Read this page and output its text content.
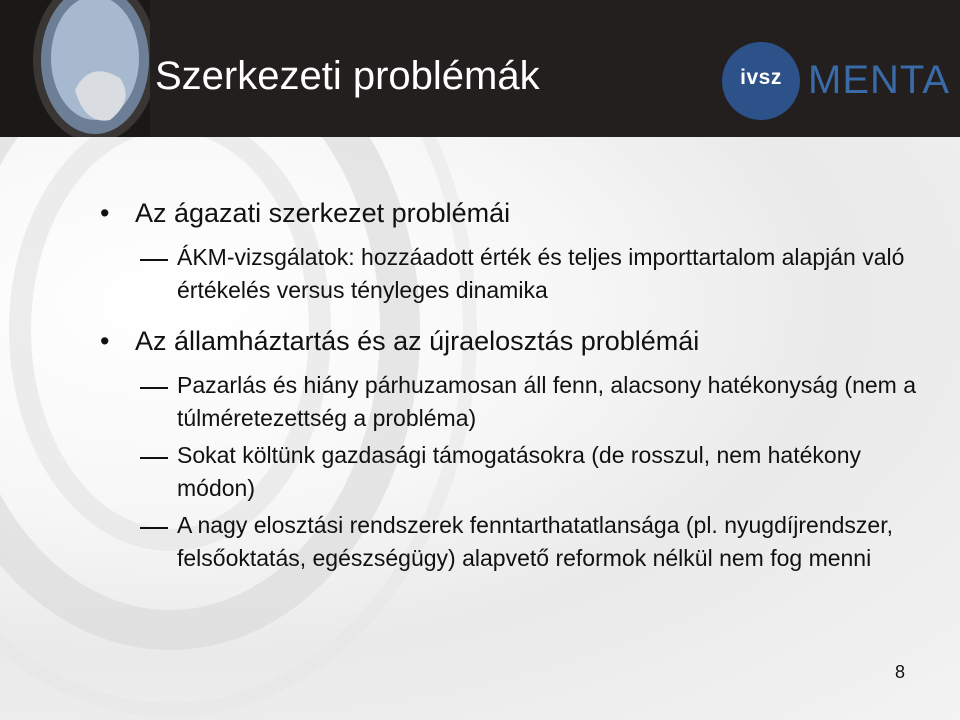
Szerkezeti problémák	ivsz MENTA
• Az ágazati szerkezet problémái
ÁKM-vizsgálatok: hozzáadott érték és teljes importtartalom alapján való értékelés versus tényleges dinamika
• Az államháztartás és az újraelosztás problémái
Pazarlás és hiány párhuzamosan áll fenn, alacsony hatékonyság (nem a túlméretezettség a probléma)
Sokat költünk gazdasági támogatásokra (de rosszul, nem hatékony módon)
A nagy elosztási rendszerek fenntarthatatlansága (pl. nyugdíjrendszer, felsőoktatás, egészségügy) alapvető reformok nélkül nem fog menni
8
